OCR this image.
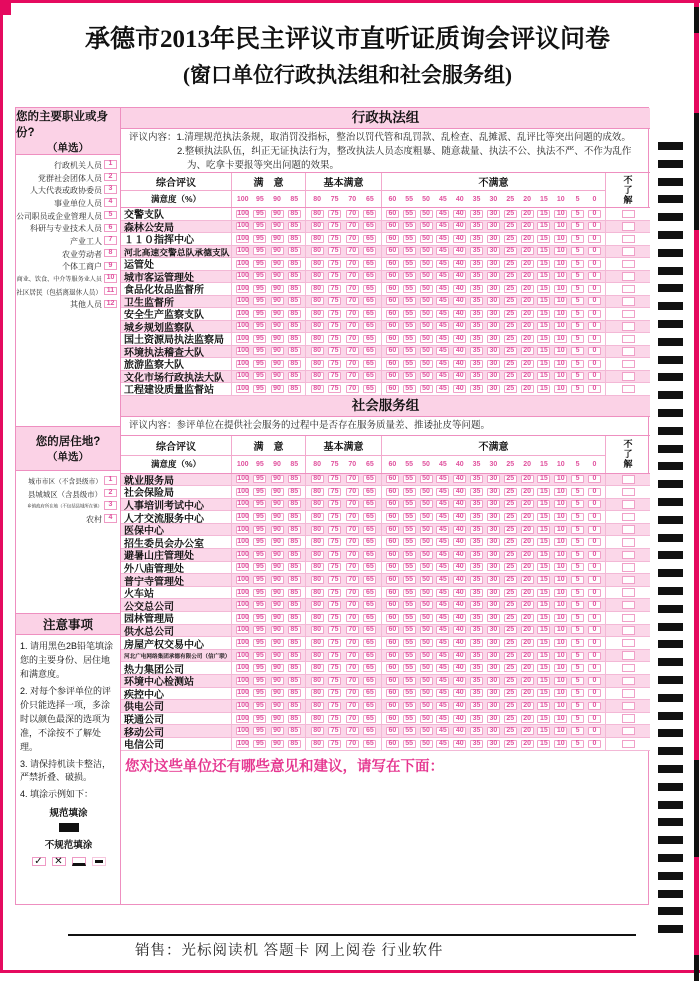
承德市2013年民主评议市直听证质询会评议问卷
(窗口单位行政执法组和社会服务组)
您的主要职业或身份?
（单选）
行政机关人员 1
党群社会团体人员 2
人大代表或政协委员 3
事业单位人员 4
公司职员或企业管理人员 5
科研与专业技术人员 6
产业工人 7
农业劳动者 8
个体工商户 9
商业、饮食、中介等服务业人员 10
社区居民（包括离退休人员） 11
其他人员 12
您的居住地?
（单选）
城市市区（不含县级市） 1
县城城区（含县级市） 2
乡镇政府所在地（不包括县城所在镇） 3
农村 4
注意事项
1. 请用黑色2B铅笔填涂您的主要身份、居住地和满意度。
2. 对每个参评单位的评价只能选择一项，多涂时以颜色最深的选项为准，不涂按不了解处理。
3. 请保持机读卡整洁，严禁折叠、破损。
4. 填涂示例如下：
规范填涂
不规范填涂
✓ ✕
行政执法组

评议内容：1.清理规范执法条规，取消罚没指标，整治以罚代管和乱罚款、乱检查、乱摊派、乱评比等突出问题的成效。

2.整顿执法队伍，纠正无证执法行为，整改执法人员态度粗暴、随意裁量、执法不公、执法不严、不作为乱作为、吃拿卡要报等突出问题的效果。

综合评议	满　意	基本满意	不满意	不了解
满意度（%）	100	95	90	85	80	75	70	65	60	55	50	45	40	35	30	25	20	15	10	5	0
交警支队	100	95	90	85	80	75	70	65	60	55	50	45	40	35	30	25	20	15	10	5	0
森林公安局	100	95	90	85	80	75	70	65	60	55	50	45	40	35	30	25	20	15	10	5	0
１１０指挥中心	100	95	90	85	80	75	70	65	60	55	50	45	40	35	30	25	20	15	10	5	0
河北高速交警总队承德支队 100	95	90	85	80	75	70	65	60	55	50	45	40	35	30	25	20	15	10	5	0
运管处	100	95	90	85	80	75	70	65	60	55	50	45	40	35	30	25	20	15	10	5	0
城市客运管理处	100	95	90	85	80	75	70	65	60	55	50	45	40	35	30	25	20	15	10	5	0
食品化妆品监督所	100	95	90	85	80	75	70	65	60	55	50	45	40	35	30	25	20	15	10	5	0
卫生监督所	100	95	90	85	80	75	70	65	60	55	50	45	40	35	30	25	20	15	10	5	0
安全生产监察支队	100	95	90	85	80	75	70	65	60	55	50	45	40	35	30	25	20	15	10	5	0
城乡规划监察队	100	95	90	85	80	75	70	65	60	55	50	45	40	35	30	25	20	15	10	5	0
国土资源局执法监察局 100	95	90	85	80	75	70	65	60	55	50	45	40	35	30	25	20	15	10	5	0
环境执法稽查大队	100	95	90	85	80	75	70	65	60	55	50	45	40	35	30	25	20	15	10	5	0
旅游监察大队	100	95	90	85	80	75	70	65	60	55	50	45	40	35	30	25	20	15	10	5	0
文化市场行政执法大队 100	95	90	85	80	75	70	65	60	55	50	45	40	35	30	25	20	15	10	5	0
工程建设质量监督站	100	95	90	85	80	75	70	65	60	55	50	45	40	35	30	25	20	15	10	5	0
社会服务组

评议内容：参评单位在提供社会服务的过程中是否存在服务质量差、推诿扯皮等问题。

综合评议	满　意	基本满意	不满意	不了解
满意度（%）	100	95	90	85	80	75	70	65	60	55	50	45	40	35	30	25	20	15	10	5	0
就业服务局	100	95	90	85	80	75	70	65	60	55	50	45	40	35	30	25	20	15	10	5	0
社会保险局	100	95	90	85	80	75	70	65	60	55	50	45	40	35	30	25	20	15	10	5	0
人事培训考试中心	100	95	90	85	80	75	70	65	60	55	50	45	40	35	30	25	20	15	10	5	0
人才交流服务中心	100	95	90	85	80	75	70	65	60	55	50	45	40	35	30	25	20	15	10	5	0
医保中心	100	95	90	85	80	75	70	65	60	55	50	45	40	35	30	25	20	15	10	5	0
招生委员会办公室	100	95	90	85	80	75	70	65	60	55	50	45	40	35	30	25	20	15	10	5	0
避暑山庄管理处	100	95	90	85	80	75	70	65	60	55	50	45	40	35	30	25	20	15	10	5	0
外八庙管理处	100	95	90	85	80	75	70	65	60	55	50	45	40	35	30	25	20	15	10	5	0
普宁寺管理处	100	95	90	85	80	75	70	65	60	55	50	45	40	35	30	25	20	15	10	5	0
火车站	100	95	90	85	80	75	70	65	60	55	50	45	40	35	30	25	20	15	10	5	0
公交总公司	100	95	90	85	80	75	70	65	60	55	50	45	40	35	30	25	20	15	10	5	0
园林管理局	100	95	90	85	80	75	70	65	60	55	50	45	40	35	30	25	20	15	10	5	0
供水总公司	100	95	90	85	80	75	70	65	60	55	50	45	40	35	30	25	20	15	10	5	0
房屋产权交易中心	100	95	90	85	80	75	70	65	60	55	50	45	40	35	30	25	20	15	10	5	0
河北广电网络集团承德有限公司（信广联） 100	95	90	85	80	75	70	65	60	55	50	45	40	35	30	25	20	15	10	5	0
热力集团公司	100	95	90	85	80	75	70	65	60	55	50	45	40	35	30	25	20	15	10	5	0
环境中心检测站	100	95	90	85	80	75	70	65	60	55	50	45	40	35	30	25	20	15	10	5	0
疾控中心	100	95	90	85	80	75	70	65	60	55	50	45	40	35	30	25	20	15	10	5	0
供电公司	100	95	90	85	80	75	70	65	60	55	50	45	40	35	30	25	20	15	10	5	0
联通公司	100	95	90	85	80	75	70	65	60	55	50	45	40	35	30	25	20	15	10	5	0
移动公司	100	95	90	85	80	75	70	65	60	55	50	45	40	35	30	25	20	15	10	5	0
电信公司	100	95	90	85	80	75	70	65	60	55	50	45	40	35	30	25	20	15	10	5	0
您对这些单位还有哪些意见和建议，请写在下面：
销售：光标阅读机 答题卡 网上阅卷 行业软件
